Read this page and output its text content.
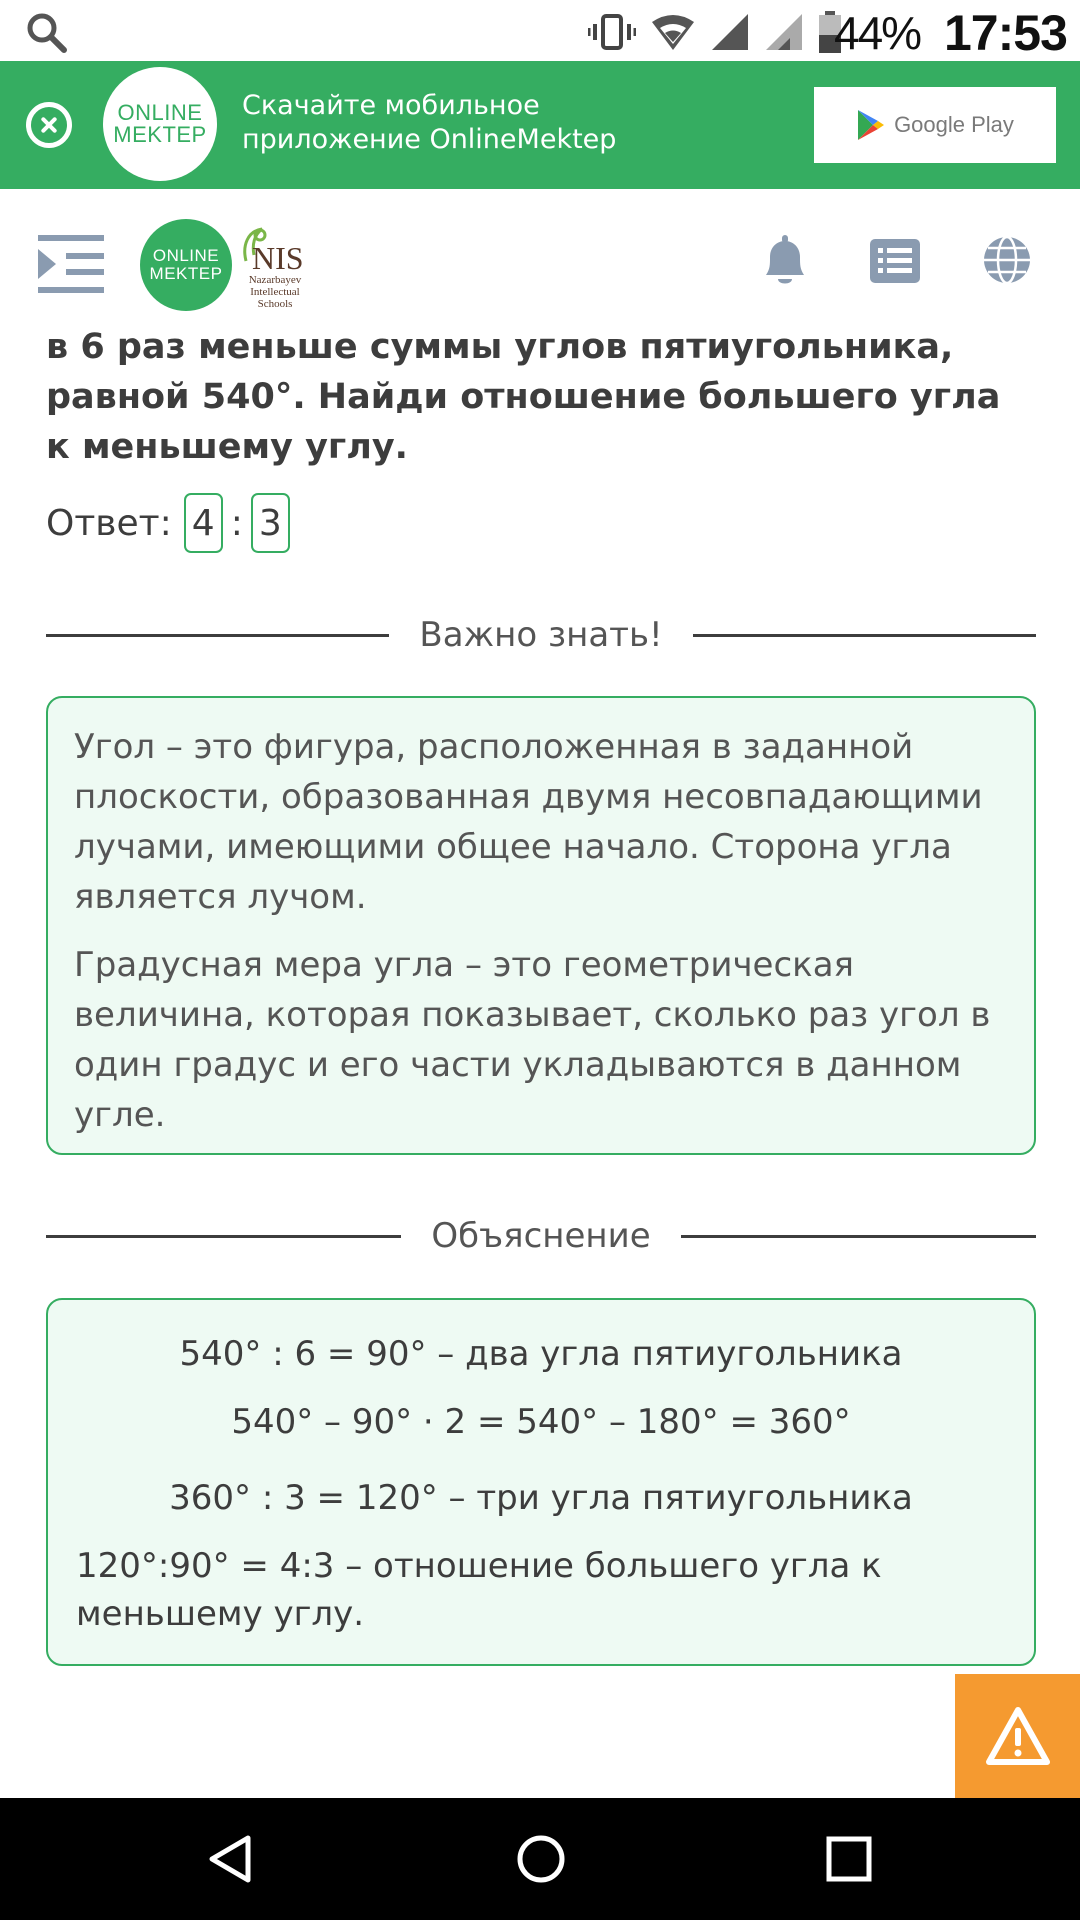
44% 17:53
ONLINE
MEKTEP
Скачайте мобильное приложение OnlineMektep	Google Play
ONLINE
MEKTEP NIS
Nazarbayev
Intellectual
Schools
в 6 раз меньше суммы углов пятиугольника, равной 540°. Найди отношение большего угла к меньшему углу.
Ответ: 4 : 3
Важно знать!

Угол – это фигура, расположенная в заданной плоскости, образованная двумя несовпадающими лучами, имеющими общее начало. Сторона угла является лучом.

Градусная мера угла – это геометрическая величина, которая показывает, сколько раз угол в один градус и его части укладываются в данном угле.

Объяснение
540° : 6 = 90° – два угла пятиугольника
540° – 90° · 2 = 540° – 180° = 360°
360° : 3 = 120° – три угла пятиугольника
120°:90° = 4:3 – отношение большего угла к меньшему углу.
